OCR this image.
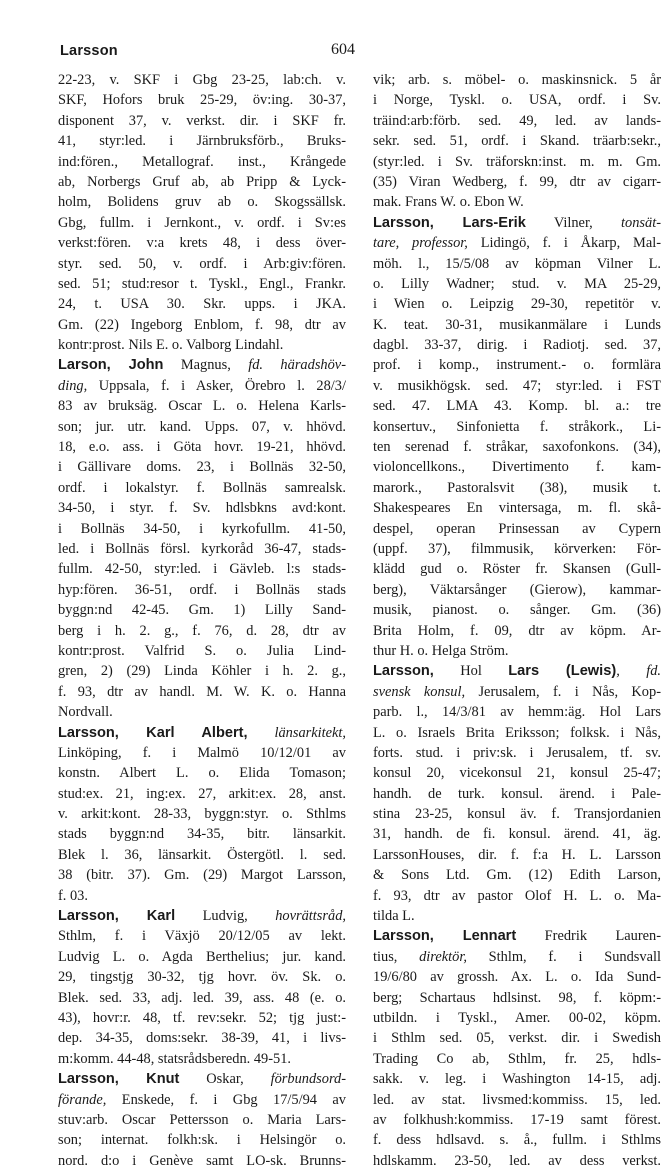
Larsson	604
22-23, v. SKF i Gbg 23-25, lab:ch. v.
SKF, Hofors bruk 25-29, öv:ing. 30-37,
disponent 37, v. verkst. dir. i SKF fr.
41, styr:led. i Järnbruksförb., Bruks-
ind:fören., Metallograf. inst., Krångede
ab, Norbergs Gruf ab, ab Pripp & Lyck-
holm, Bolidens gruv ab o. Skogssällsk.
Gbg, fullm. i Jernkont., v. ordf. i Sv:es
verkst:fören. v:a krets 48, i dess över-
styr. sed. 50, v. ordf. i Arb:giv:fören.
sed. 51; stud:resor t. Tyskl., Engl., Frankr.
24, t. USA 30. Skr. upps. i JKA.
Gm. (22) Ingeborg Enblom, f. 98, dtr av
kontr:prost. Nils E. o. Valborg Lindahl.
Larson, John Magnus, fd. häradshöv-
ding, Uppsala, f. i Asker, Örebro l. 28/3/
83 av bruksäg. Oscar L. o. Helena Karls-
son; jur. utr. kand. Upps. 07, v. hhövd.
18, e.o. ass. i Göta hovr. 19-21, hhövd.
i Gällivare doms. 23, i Bollnäs 32-50,
ordf. i lokalstyr. f. Bollnäs samrealsk.
34-50, i styr. f. Sv. hdlsbkns avd:kont.
i Bollnäs 34-50, i kyrkofullm. 41-50,
led. i Bollnäs försl. kyrkoråd 36-47, stads-
fullm. 42-50, styr:led. i Gävleb. l:s stads-
hyp:fören. 36-51, ordf. i Bollnäs stads
byggn:nd 42-45. Gm. 1) Lilly Sand-
berg i h. 2. g., f. 76, d. 28, dtr av
kontr:prost. Valfrid S. o. Julia Lind-
gren, 2) (29) Linda Köhler i h. 2. g.,
f. 93, dtr av handl. M. W. K. o. Hanna
Nordvall.
Larsson, Karl Albert, länsarkitekt,
Linköping, f. i Malmö 10/12/01 av
konstn. Albert L. o. Elida Tomason;
stud:ex. 21, ing:ex. 27, arkit:ex. 28, anst.
v. arkit:kont. 28-33, byggn:styr. o. Sthlms
stads byggn:nd 34-35, bitr. länsarkit.
Blek l. 36, länsarkit. Östergötl. l. sed.
38 (bitr. 37). Gm. (29) Margot Larsson,
f. 03.
Larsson, Karl Ludvig, hovrättsråd,
Sthlm, f. i Växjö 20/12/05 av lekt.
Ludvig L. o. Agda Berthelius; jur. kand.
29, tingstjg 30-32, tjg hovr. öv. Sk. o.
Blek. sed. 33, adj. led. 39, ass. 48 (e. o.
43), hovr:r. 48, tf. rev:sekr. 52; tjg just:-
dep. 34-35, doms:sekr. 38-39, 41, i livs-
m:komm. 44-48, statsrådsberedn. 49-51.
Larsson, Knut Oskar, förbundsord-
förande, Enskede, f. i Gbg 17/5/94 av
stuv:arb. Oscar Pettersson o. Maria Lars-
son; internat. folkh:sk. i Helsingör o.
nord. d:o i Genève samt LO-sk. Brunns-
vik; arb. s. möbel- o. maskinsnick. 5 år
i Norge, Tyskl. o. USA, ordf. i Sv.
träind:arb:förb. sed. 49, led. av lands-
sekr. sed. 51, ordf. i Skand. träarb:sekr.,
(styr:led. i Sv. träforskn:inst. m. m. Gm.
(35) Viran Wedberg, f. 99, dtr av cigarr-
mak. Frans W. o. Ebon W.
Larsson, Lars-Erik Vilner, tonsät-
tare, professor, Lidingö, f. i Åkarp, Mal-
möh. l., 15/5/08 av köpman Vilner L.
o. Lilly Wadner; stud. v. MA 25-29,
i Wien o. Leipzig 29-30, repetitör v.
K. teat. 30-31, musikanmälare i Lunds
dagbl. 33-37, dirig. i Radiotj. sed. 37,
prof. i komp., instrument.- o. formlära
v. musikhögsk. sed. 47; styr:led. i FST
sed. 47. LMA 43. Komp. bl. a.: tre
konsertuv., Sinfonietta f. stråkork., Li-
ten serenad f. stråkar, saxofonkons. (34),
violoncellkons., Divertimento f. kam-
marork., Pastoralsvit (38), musik t.
Shakespeares En vintersaga, m. fl. skå-
despel, operan Prinsessan av Cypern
(uppf. 37), filmmusik, körverken: För-
klädd gud o. Röster fr. Skansen (Gull-
berg), Väktarsånger (Gierow), kammar-
musik, pianost. o. sånger. Gm. (36)
Brita Holm, f. 09, dtr av köpm. Ar-
thur H. o. Helga Ström.
Larsson, Hol Lars (Lewis), fd.
svensk konsul, Jerusalem, f. i Nås, Kop-
parb. l., 14/3/81 av hemm:äg. Hol Lars
L. o. Israels Brita Eriksson; folksk. i Nås,
forts. stud. i priv:sk. i Jerusalem, tf. sv.
konsul 20, vicekonsul 21, konsul 25-47;
handh. de turk. konsul. ärend. i Pale-
stina 23-25, konsul äv. f. Transjordanien
31, handh. de fi. konsul. ärend. 41, äg.
LarssonHouses, dir. f. f:a H. L. Larsson
& Sons Ltd. Gm. (12) Edith Larson,
f. 93, dtr av pastor Olof H. L. o. Ma-
tilda L.
Larsson, Lennart Fredrik Lauren-
tius, direktör, Sthlm, f. i Sundsvall
19/6/80 av grossh. Ax. L. o. Ida Sund-
berg; Schartaus hdlsinst. 98, f. köpm:-
utbildn. i Tyskl., Amer. 00-02, köpm.
i Sthlm sed. 05, verkst. dir. i Swedish
Trading Co ab, Sthlm, fr. 25, hdls-
sakk. v. leg. i Washington 14-15, adj.
led. av stat. livsmed:kommiss. 15, led.
av folkhush:kommiss. 17-19 samt förest.
f. dess hdlsavd. s. å., fullm. i Sthlms
hdlskamm. 23-50, led. av dess verkst.
